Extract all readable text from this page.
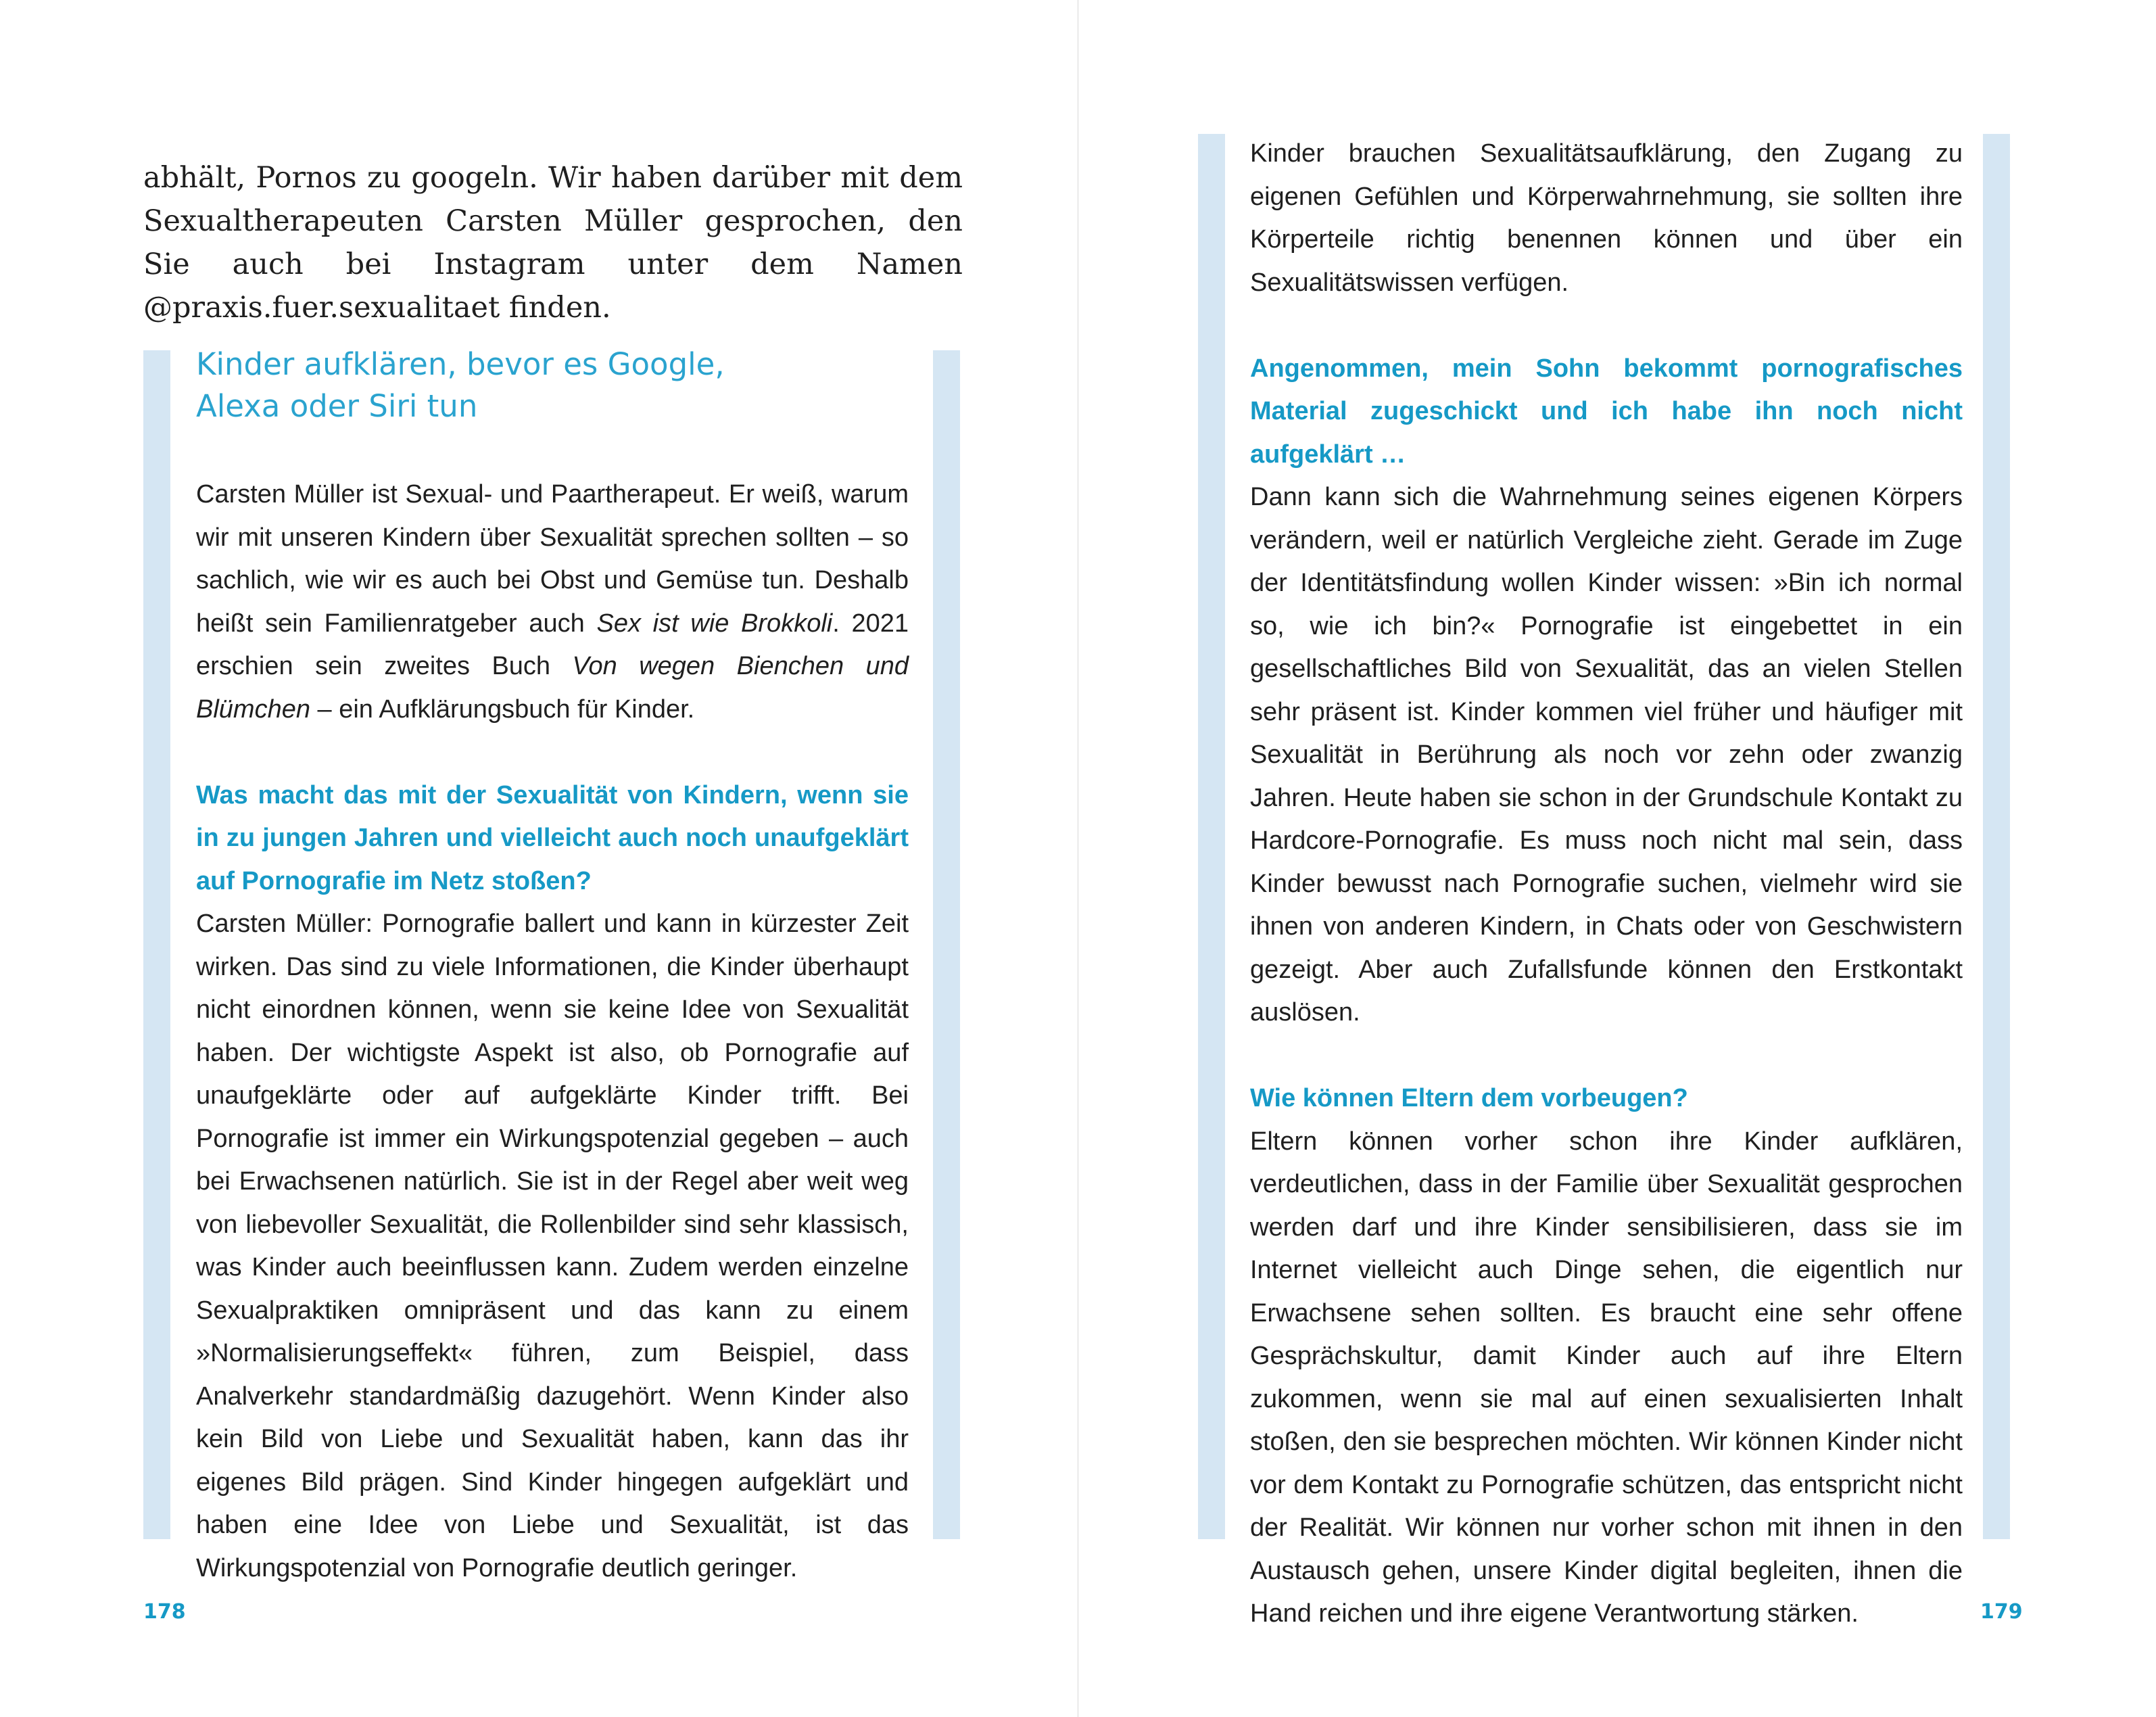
abhält, Pornos zu googeln. Wir haben darüber mit dem Sexualtherapeuten Carsten Müller gesprochen, den Sie auch bei Instagram unter dem Namen @praxis.fuer.sexualitaet finden.

Kinder aufklären, bevor es Google,
Alexa oder Siri tun

Carsten Müller ist Sexual- und Paartherapeut. Er weiß, warum wir mit unseren Kindern über Sexualität sprechen sollten – so sachlich, wie wir es auch bei Obst und Gemüse tun. Deshalb heißt sein Familienratgeber auch Sex ist wie Brokkoli. 2021 erschien sein zweites Buch Von wegen Bienchen und Blümchen – ein Aufklärungsbuch für Kinder.

Was macht das mit der Sexualität von Kindern, wenn sie in zu jungen Jahren und vielleicht auch noch unaufgeklärt auf Pornografie im Netz stoßen?

Carsten Müller: Pornografie ballert und kann in kürzester Zeit wirken. Das sind zu viele Informationen, die Kinder überhaupt nicht einordnen können, wenn sie keine Idee von Sexualität haben. Der wichtigste Aspekt ist also, ob Pornografie auf unaufgeklärte oder auf aufgeklärte Kinder trifft. Bei Pornografie ist immer ein Wirkungspotenzial gegeben – auch bei Erwachsenen natürlich. Sie ist in der Regel aber weit weg von liebevoller Sexualität, die Rollenbilder sind sehr klassisch, was Kinder auch beeinflussen kann. Zudem werden einzelne Sexualpraktiken omnipräsent und das kann zu einem »Normalisierungseffekt« führen, zum Beispiel, dass Analverkehr standardmäßig dazugehört. Wenn Kinder also kein Bild von Liebe und Sexualität haben, kann das ihr eigenes Bild prägen. Sind Kinder hingegen aufgeklärt und haben eine Idee von Liebe und Sexualität, ist das Wirkungspotenzial von Pornografie deutlich geringer.

178

Kinder brauchen Sexualitätsaufklärung, den Zugang zu eigenen Gefühlen und Körperwahrnehmung, sie sollten ihre Körperteile richtig benennen können und über ein Sexualitätswissen verfügen.

Angenommen, mein Sohn bekommt pornografisches Material zugeschickt und ich habe ihn noch nicht aufgeklärt …

Dann kann sich die Wahrnehmung seines eigenen Körpers verändern, weil er natürlich Vergleiche zieht. Gerade im Zuge der Identitätsfindung wollen Kinder wissen: »Bin ich normal so, wie ich bin?« Pornografie ist eingebettet in ein gesellschaftliches Bild von Sexualität, das an vielen Stellen sehr präsent ist. Kinder kommen viel früher und häufiger mit Sexualität in Berührung als noch vor zehn oder zwanzig Jahren. Heute haben sie schon in der Grundschule Kontakt zu Hardcore-Pornografie. Es muss noch nicht mal sein, dass Kinder bewusst nach Pornografie suchen, vielmehr wird sie ihnen von anderen Kindern, in Chats oder von Geschwistern gezeigt. Aber auch Zufallsfunde können den Erstkontakt auslösen.

Wie können Eltern dem vorbeugen?

Eltern können vorher schon ihre Kinder aufklären, verdeutlichen, dass in der Familie über Sexualität gesprochen werden darf und ihre Kinder sensibilisieren, dass sie im Internet vielleicht auch Dinge sehen, die eigentlich nur Erwachsene sehen sollten. Es braucht eine sehr offene Gesprächskultur, damit Kinder auch auf ihre Eltern zukommen, wenn sie mal auf einen sexualisierten Inhalt stoßen, den sie besprechen möchten. Wir können Kinder nicht vor dem Kontakt zu Pornografie schützen, das entspricht nicht der Realität. Wir können nur vorher schon mit ihnen in den Austausch gehen, unsere Kinder digital begleiten, ihnen die Hand reichen und ihre eigene Verantwortung stärken.	179
